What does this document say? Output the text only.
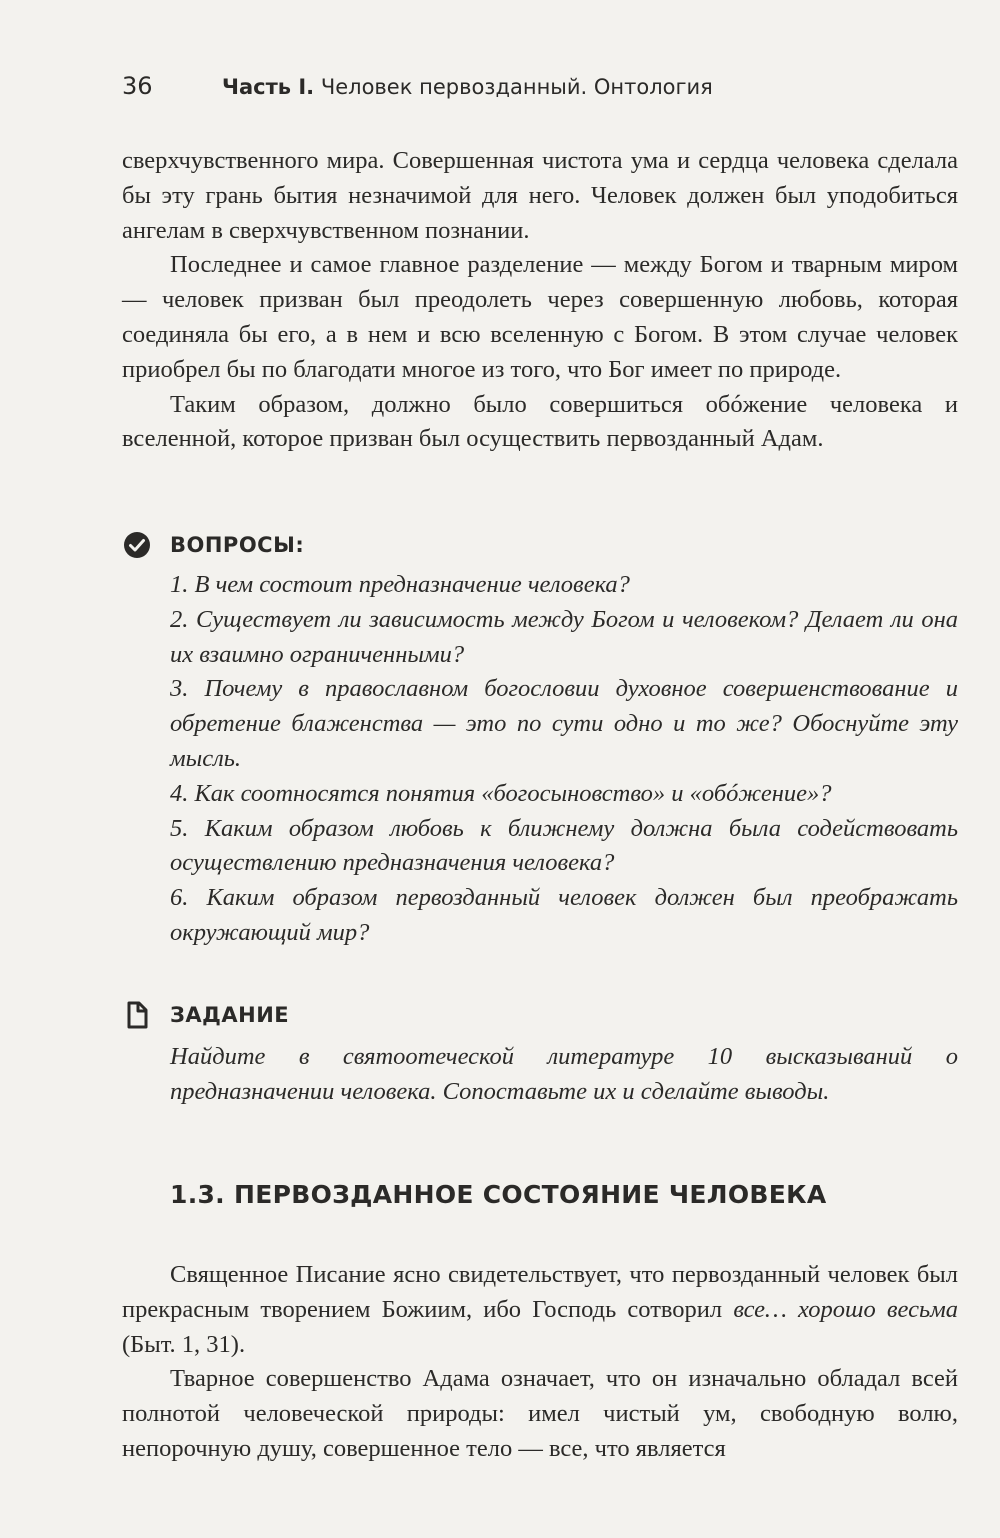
36	Часть I. Человек первозданный. Онтология

сверхчувственного мира. Совершенная чистота ума и сердца человека сделала бы эту грань бытия незначимой для него. Человек должен был уподобиться ангелам в сверхчувственном познании.

Последнее и самое главное разделение — между Богом и тварным миром — человек призван был преодолеть через совершенную любовь, которая соединяла бы его, а в нем и всю вселенную с Богом. В этом случае человек приобрел бы по благодати многое из того, что Бог имеет по природе.

Таким образом, должно было совершиться обóжение человека и вселенной, которое призван был осуществить первозданный Адам.

ВОПРОСЫ:

1. В чем состоит предназначение человека?

2. Существует ли зависимость между Богом и человеком? Делает ли она их взаимно ограниченными?

3. Почему в православном богословии духовное совершенствование и обретение блаженства — это по сути одно и то же? Обоснуйте эту мысль.

4. Как соотносятся понятия «богосыновство» и «обóжение»?

5. Каким образом любовь к ближнему должна была содействовать осуществлению предназначения человека?

6. Каким образом первозданный человек должен был преображать окружающий мир?

ЗАДАНИЕ

Найдите в святоотеческой литературе 10 высказываний о предназначении человека. Сопоставьте их и сделайте выводы.

1.3. ПЕРВОЗДАННОЕ СОСТОЯНИЕ ЧЕЛОВЕКА

Священное Писание ясно свидетельствует, что первозданный человек был прекрасным творением Божиим, ибо Господь сотворил все… хорошо весьма (Быт. 1, 31).

Тварное совершенство Адама означает, что он изначально обладал всей полнотой человеческой природы: имел чистый ум, свободную волю, непорочную душу, совершенное тело — все, что является
